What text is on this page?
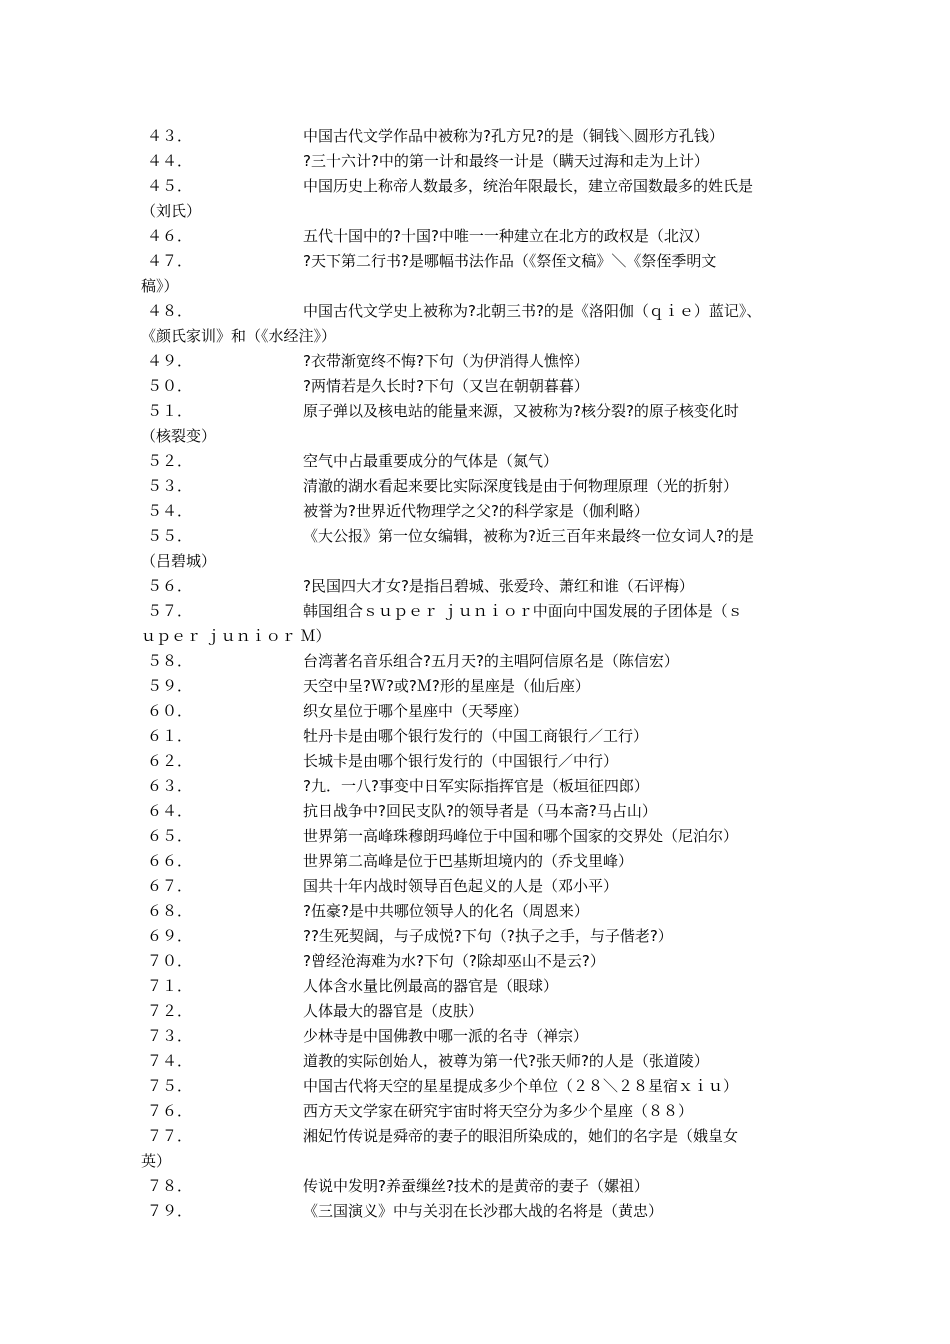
４３．	中国古代文学作品中被称为?孔方兄?的是（铜钱＼圆形方孔钱）
４４．	?三十六计?中的第一计和最终一计是（瞒天过海和走为上计）
４５．	中国历史上称帝人数最多，统治年限最长，建立帝国数最多的姓氏是
（刘氏）
４６．	五代十国中的?十国?中唯一一种建立在北方的政权是（北汉）
４７．	?天下第二行书?是哪幅书法作品（《祭侄文稿》＼《祭侄季明文
稿》）
４８．	中国古代文学史上被称为?北朝三书?的是《洛阳伽（ｑｉｅ）蓝记》、
《颜氏家训》和（《水经注》）
４９．	?衣带渐宽终不悔?下句（为伊消得人憔悴）
５０．	?两情若是久长时?下句（又岂在朝朝暮暮）
５１．	原子弹以及核电站的能量来源，又被称为?核分裂?的原子核变化时
（核裂变）
５２．	空气中占最重要成分的气体是（氮气）
５３．	清澈的湖水看起来要比实际深度钱是由于何物理原理（光的折射）
５４．	被誉为?世界近代物理学之父?的科学家是（伽利略）
５５．	《大公报》第一位女编辑，被称为?近三百年来最终一位女词人?的是
（吕碧城）
５６．	?民国四大才女?是指吕碧城、张爱玲、萧红和谁（石评梅）
５７．	韩国组合ｓｕｐｅｒ ｊｕｎｉｏｒ中面向中国发展的子团体是（ｓ
ｕｐｅｒ ｊｕｎｉｏｒ Ｍ）
５８．	台湾著名音乐组合?五月天?的主唱阿信原名是（陈信宏）
５９．	天空中呈?Ｗ?或?Ｍ?形的星座是（仙后座）
６０．	织女星位于哪个星座中（天琴座）
６１．	牡丹卡是由哪个银行发行的（中国工商银行／工行）
６２．	长城卡是由哪个银行发行的（中国银行／中行）
６３．	?九．一八?事变中日军实际指挥官是（板垣征四郎）
６４．	抗日战争中?回民支队?的领导者是（马本斋?马占山）
６５．	世界第一高峰珠穆朗玛峰位于中国和哪个国家的交界处（尼泊尔）
６６．	世界第二高峰是位于巴基斯坦境内的（乔戈里峰）
６７．	国共十年内战时领导百色起义的人是（邓小平）
６８．	?伍豪?是中共哪位领导人的化名（周恩来）
６９．	??生死契阔，与子成悦?下句（?执子之手，与子偕老?）
７０．	?曾经沧海难为水?下句（?除却巫山不是云?）
７１．	人体含水量比例最高的器官是（眼球）
７２．	人体最大的器官是（皮肤）
７３．	少林寺是中国佛教中哪一派的名寺（禅宗）
７４．	道教的实际创始人，被尊为第一代?张天师?的人是（张道陵）
７５．	中国古代将天空的星星提成多少个单位（２８＼２８星宿ｘｉｕ）
７６．	西方天文学家在研究宇宙时将天空分为多少个星座（８８）
７７．	湘妃竹传说是舜帝的妻子的眼泪所染成的，她们的名字是（娥皇女
英）
７８．	传说中发明?养蚕缫丝?技术的是黄帝的妻子（嫘祖）
７９．	《三国演义》中与关羽在长沙郡大战的名将是（黄忠）
